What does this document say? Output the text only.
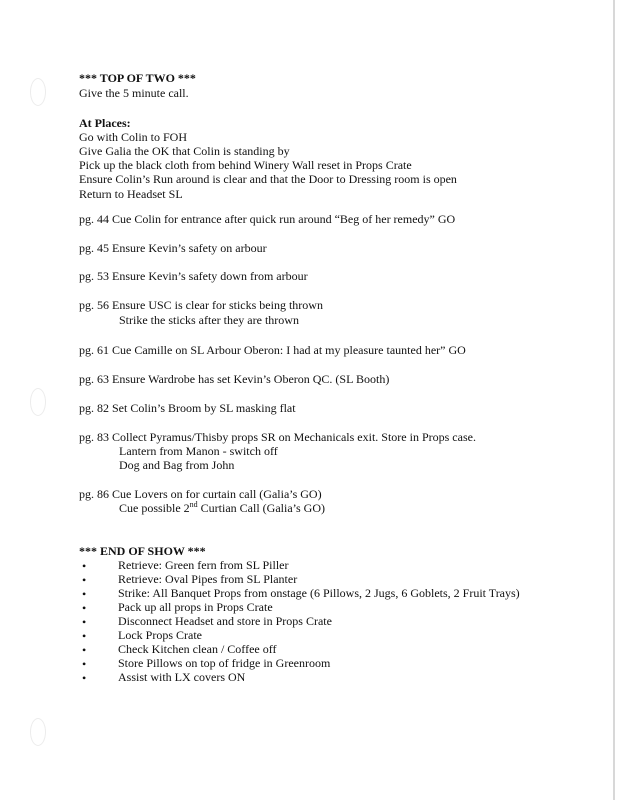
*** TOP OF TWO ***
Give the 5 minute call.
At Places:
Go with Colin to FOH
Give Galia the OK that Colin is standing by
Pick up the black cloth from behind Winery Wall reset in Props Crate
Ensure Colin’s Run around is clear and that the Door to Dressing room is open
Return to Headset SL
pg. 44 Cue Colin for entrance after quick run around “Beg of her remedy” GO
pg. 45 Ensure Kevin’s safety on arbour
pg. 53 Ensure Kevin’s safety down from arbour
pg. 56 Ensure USC is clear for sticks being thrown
Strike the sticks after they are thrown
pg. 61 Cue Camille on SL Arbour Oberon: I had at my pleasure taunted her” GO
pg. 63 Ensure Wardrobe has set Kevin’s Oberon QC. (SL Booth)
pg. 82 Set Colin’s Broom by SL masking flat
pg. 83 Collect Pyramus/Thisby props SR on Mechanicals exit. Store in Props case.
Lantern from Manon - switch off
Dog and Bag from John
pg. 86 Cue Lovers on for curtain call (Galia’s GO)
Cue possible 2nd Curtian Call (Galia’s GO)
*** END OF SHOW ***
•	Retrieve: Green fern from SL Piller
•	Retrieve: Oval Pipes from SL Planter
•	Strike: All Banquet Props from onstage (6 Pillows, 2 Jugs, 6 Goblets, 2 Fruit Trays)
•	Pack up all props in Props Crate
•	Disconnect Headset and store in Props Crate
•	Lock Props Crate
•	Check Kitchen clean / Coffee off
•	Store Pillows on top of fridge in Greenroom
•	Assist with LX covers ON
